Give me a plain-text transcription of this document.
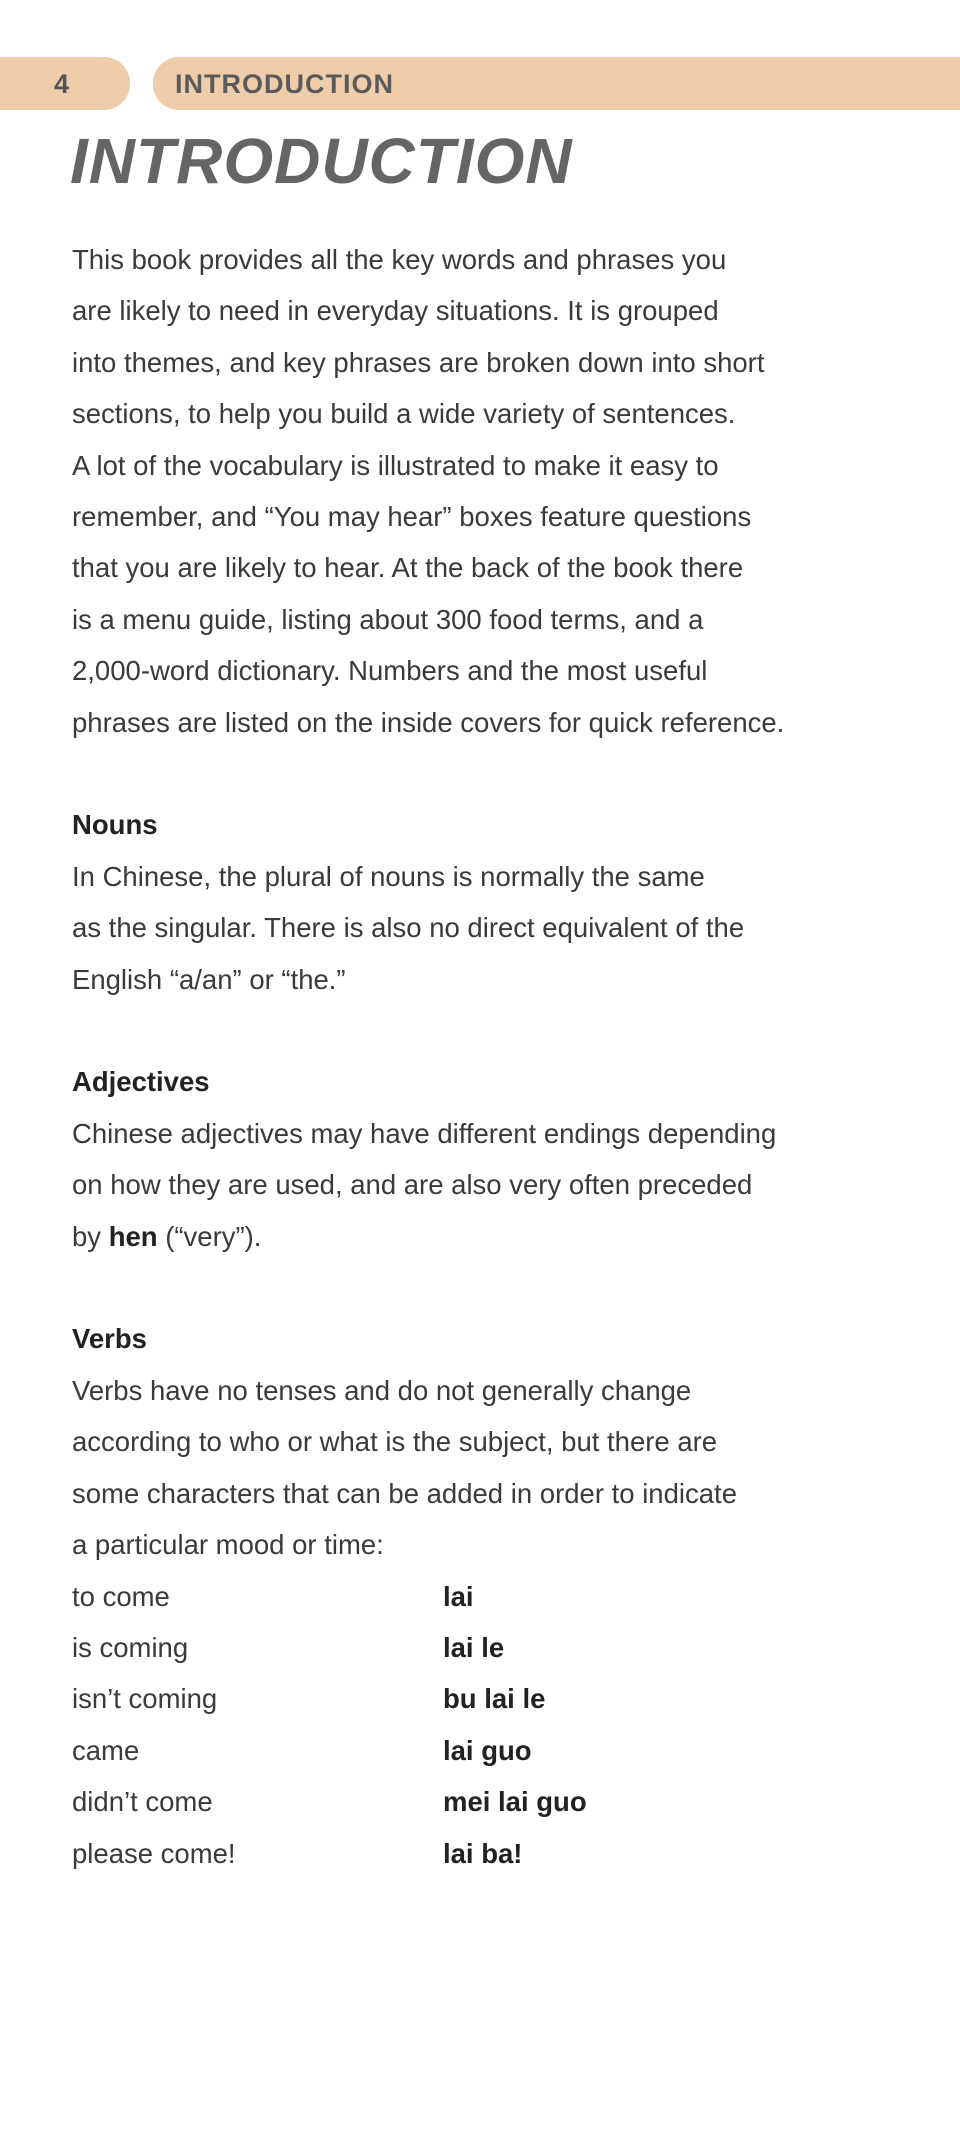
4	INTRODUCTION
INTRODUCTION
This book provides all the key words and phrases you
are likely to need in everyday situations. It is grouped
into themes, and key phrases are broken down into short
sections, to help you build a wide variety of sentences.
A lot of the vocabulary is illustrated to make it easy to
remember, and “You may hear” boxes feature questions
that you are likely to hear. At the back of the book there
is a menu guide, listing about 300 food terms, and a
2,000-word dictionary. Numbers and the most useful
phrases are listed on the inside covers for quick reference.
Nouns
In Chinese, the plural of nouns is normally the same
as the singular. There is also no direct equivalent of the
English “a/an” or “the.”
Adjectives
Chinese adjectives may have different endings depending
on how they are used, and are also very often preceded
by hen (“very”).
Verbs
Verbs have no tenses and do not generally change
according to who or what is the subject, but there are
some characters that can be added in order to indicate
a particular mood or time:
to come	lai
is coming	lai le
isn’t coming	bu lai le
came	lai guo
didn’t come	mei lai guo
please come!	lai ba!
